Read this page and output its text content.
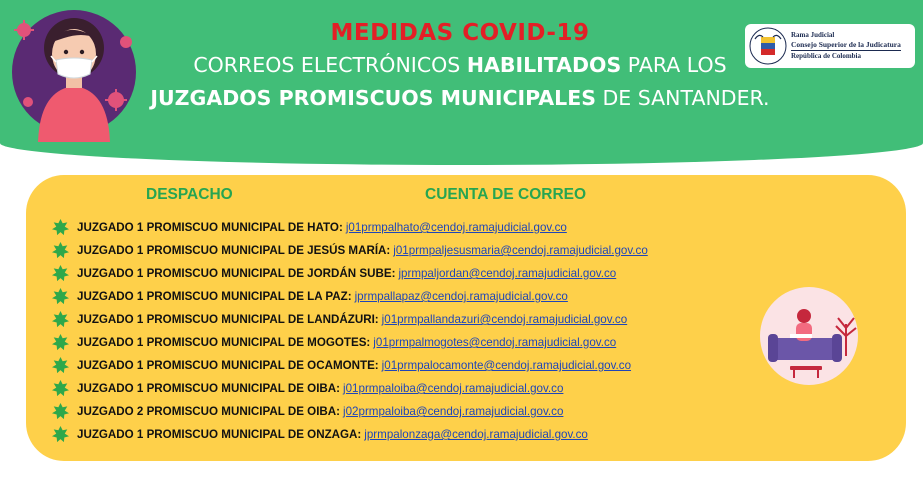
MEDIDAS COVID-19
CORREOS ELECTRÓNICOS HABILITADOS PARA LOS
JUZGADOS PROMISCUOS MUNICIPALES DE SANTANDER.
Rama Judicial
Consejo Superior de la Judicatura
República de Colombia
DESPACHO	CUENTA DE CORREO
JUZGADO 1 PROMISCUO MUNICIPAL DE HATO: j01prmpalhato@cendoj.ramajudicial.gov.co
JUZGADO 1 PROMISCUO MUNICIPAL DE JESÚS MARÍA: j01prmpaljesusmaria@cendoj.ramajudicial.gov.co
JUZGADO 1 PROMISCUO MUNICIPAL DE JORDÁN SUBE: jprmpaljordan@cendoj.ramajudicial.gov.co
JUZGADO 1 PROMISCUO MUNICIPAL DE LA PAZ: jprmpallapaz@cendoj.ramajudicial.gov.co
JUZGADO 1 PROMISCUO MUNICIPAL DE LANDÁZURI: j01prmpallandazuri@cendoj.ramajudicial.gov.co
JUZGADO 1 PROMISCUO MUNICIPAL DE MOGOTES: j01prmpalmogotes@cendoj.ramajudicial.gov.co
JUZGADO 1 PROMISCUO MUNICIPAL DE OCAMONTE: j01prmpalocamonte@cendoj.ramajudicial.gov.co
JUZGADO 1 PROMISCUO MUNICIPAL DE OIBA: j01prmpaloiba@cendoj.ramajudicial.gov.co
JUZGADO 2 PROMISCUO MUNICIPAL DE OIBA: j02prmpaloiba@cendoj.ramajudicial.gov.co
JUZGADO 1 PROMISCUO MUNICIPAL DE ONZAGA: jprmpalonzaga@cendoj.ramajudicial.gov.co
